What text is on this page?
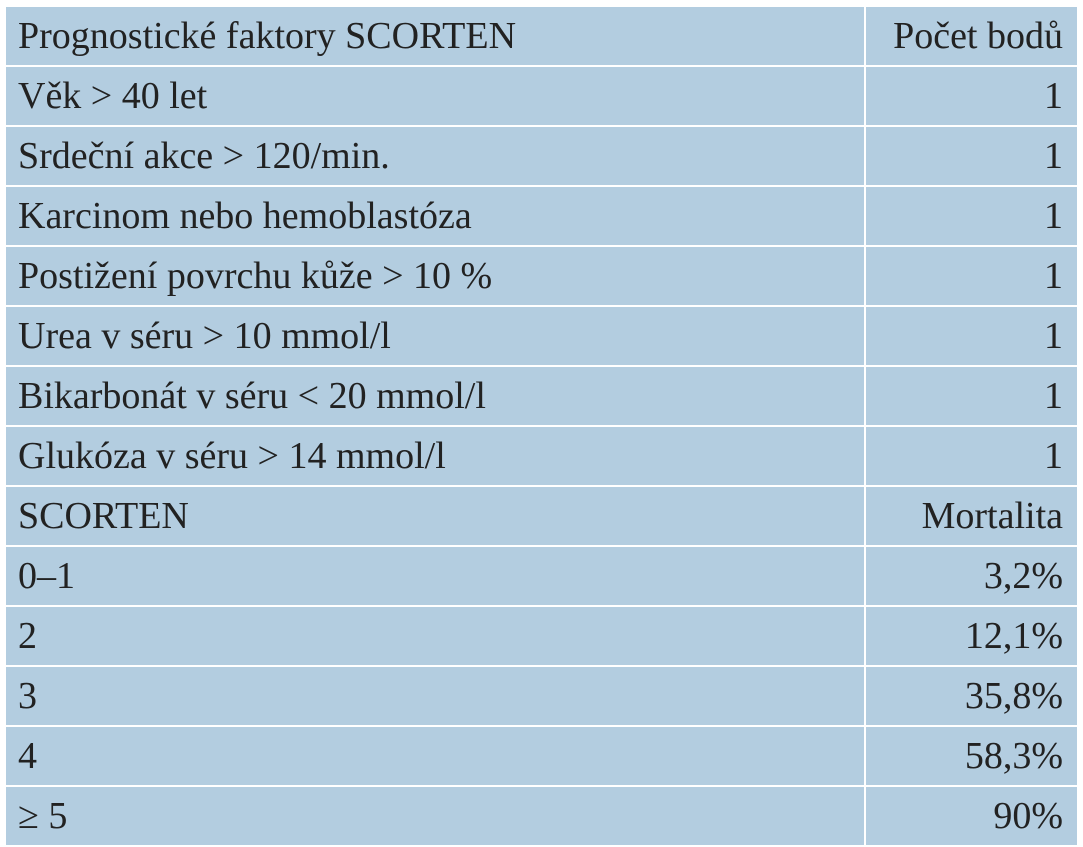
Prognostické faktory SCORTEN	Počet bodů
Věk > 40 let	1
Srdeční akce > 120/min.	1
Karcinom nebo hemoblastóza	1
Postižení povrchu kůže > 10 %	1
Urea v séru > 10 mmol/l	1
Bikarbonát v séru < 20 mmol/l	1
Glukóza v séru > 14 mmol/l	1
SCORTEN	Mortalita
0–1	3,2%
2	12,1%
3	35,8%
4	58,3%
≥ 5	90%
